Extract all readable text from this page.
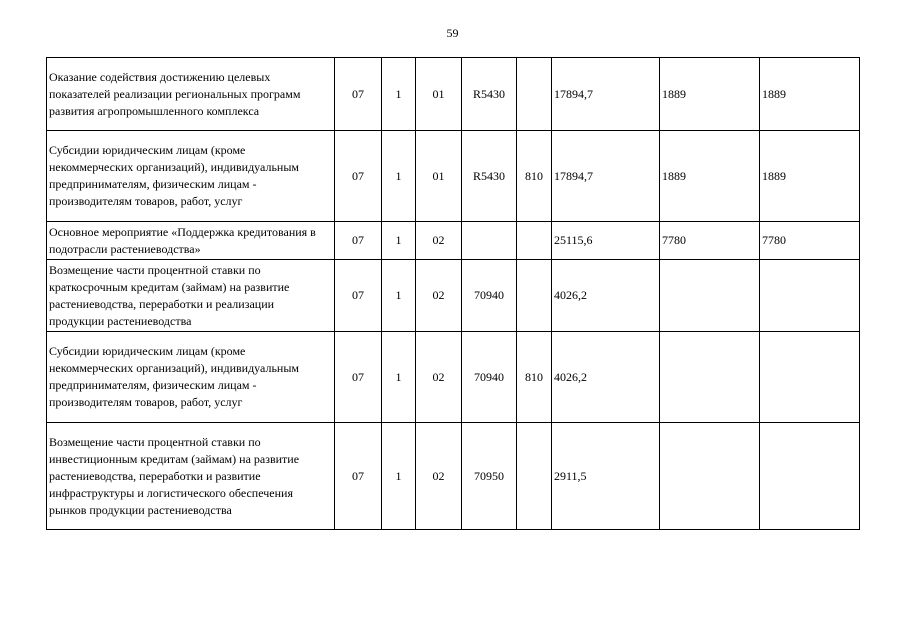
59
Оказание содействия достижению целевых показателей реализации региональных программ развития агропромышленного комплекса	07	1	01	R5430		17894,7	1889	1889
Субсидии юридическим лицам (кроме некоммерческих организаций), индивидуальным предпринимателям, физическим лицам - производителям товаров, работ, услуг	07	1	01	R5430	810	17894,7	1889	1889
Основное мероприятие «Поддержка кредитования в подотрасли растениеводства»	07	1	02			25115,6	7780	7780
Возмещение части процентной ставки по краткосрочным кредитам (займам) на развитие растениеводства, переработки и реализации продукции растениеводства	07	1	02	70940		4026,2		
Субсидии юридическим лицам (кроме некоммерческих организаций), индивидуальным предпринимателям, физическим лицам - производителям товаров, работ, услуг	07	1	02	70940	810	4026,2		
Возмещение части процентной ставки по инвестиционным кредитам (займам) на развитие растениеводства, переработки и развитие инфраструктуры и логистического обеспечения рынков продукции растениеводства	07	1	02	70950		2911,5		
